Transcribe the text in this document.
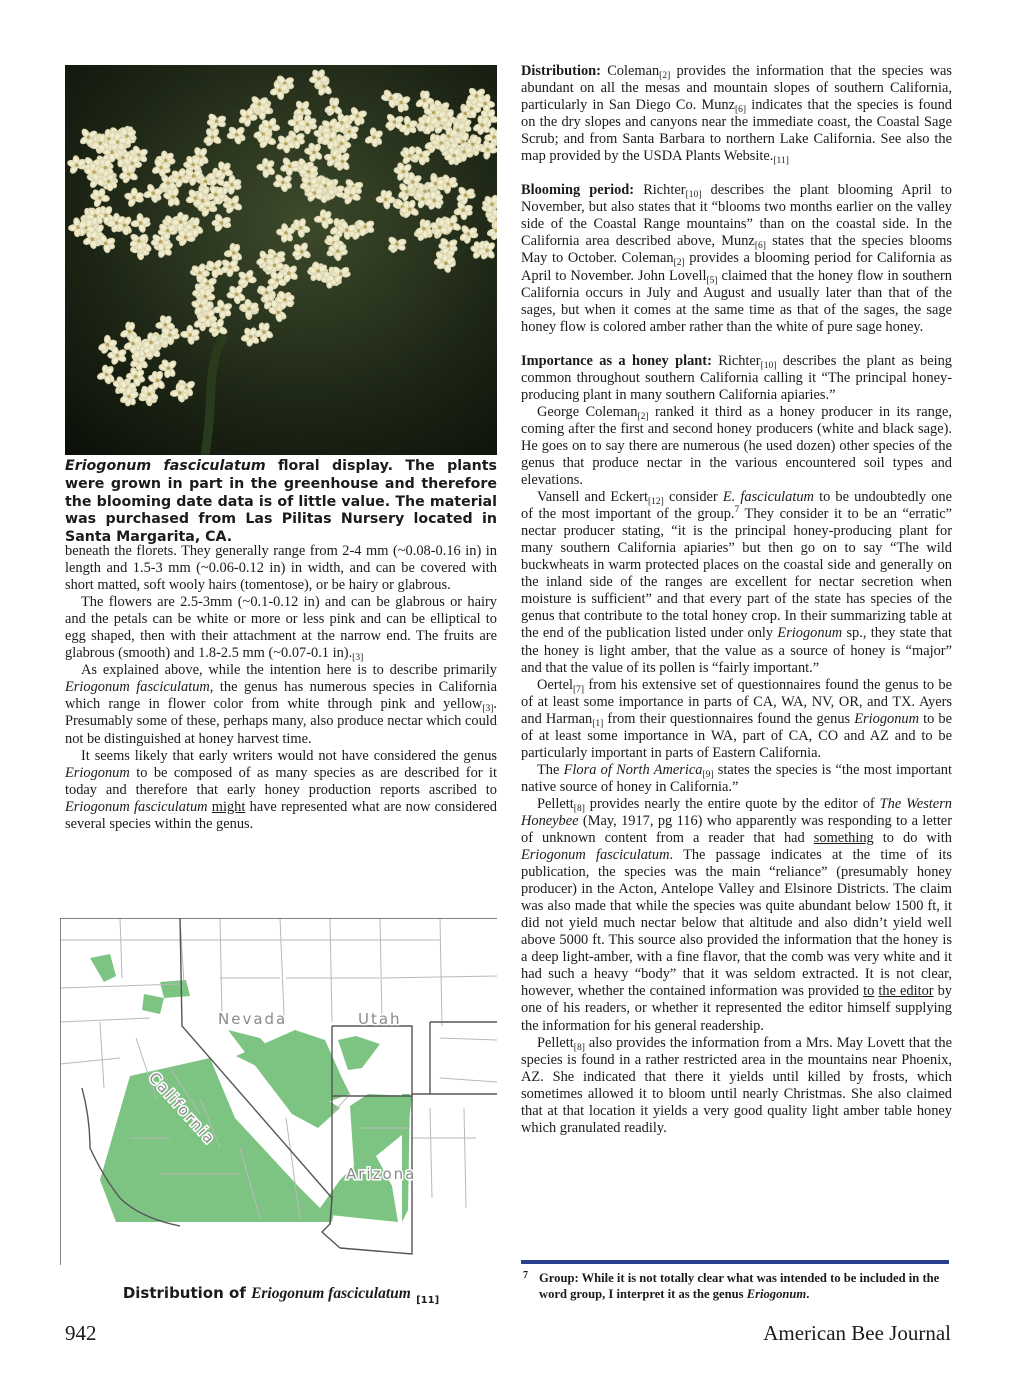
Eriogonum fasciculatum floral display. The plants were grown in part in the greenhouse and therefore the blooming date data is of little value. The material was purchased from Las Pilitas Nursery located in Santa Margarita, CA.

beneath the florets. They generally range from 2-4 mm (~0.08-0.16 in) in length and 1.5-3 mm (~0.06-0.12 in) in width, and can be covered with short matted, soft wooly hairs (tomentose), or be hairy or glabrous.

The flowers are 2.5-3mm (~0.1-0.12 in) and can be glabrous or hairy and the petals can be white or more or less pink and can be elliptical to egg shaped, then with their attachment at the narrow end. The fruits are glabrous (smooth) and 1.8-2.5 mm (~0.07-0.1 $in)._{[3]}$

As explained above, while the intention here is to describe primarily Eriogonum fasciculatum, the genus has numerous species in California which range in flower color from white through pink and yellow$_{[3]}$. Presumably some of these, perhaps many, also produce nectar which could not be distinguished at honey harvest time.

It seems likely that early writers would not have considered the genus Eriogonum to be composed of as many species as are described for it today and therefore that early honey production reports ascribed to Eriogonum fasciculatum might have represented what are now considered several species within the genus.

Nevada	Utah
California
Arizona
Distribution of Eriogonum fasciculatum $_{[11]}$

Distribution: Coleman$_{[2]}$ provides the information that the species was abundant on all the mesas and mountain slopes of southern California, particularly in San Diego Co. Munz$_{[6]}$ indicates that the species is found on the dry slopes and canyons near the immediate coast, the Coastal Sage Scrub; and from Santa Barbara to northern Lake California. See also the map provided by the USDA Plants $Website._{[11]}$

Blooming period: Richter$_{[10]}$ describes the plant blooming April to November, but also states that it “blooms two months earlier on the valley side of the Coastal Range mountains” than on the coastal side. In the California area described above, Munz$_{[6]}$ states that the species blooms May to October. Coleman$_{[2]}$ provides a blooming period for California as April to November. John Lovell$_{[5]}$ claimed that the honey flow in southern California occurs in July and August and usually later than that of the sages, but when it comes at the same time as that of the sages, the sage honey flow is colored amber rather than the white of pure sage honey.

Importance as a honey plant: Richter$_{[10]}$ describes the plant as being common throughout southern California calling it “The principal honey-producing plant in many southern California apiaries.”

George Coleman$_{[2]}$ ranked it third as a honey producer in its range, coming after the first and second honey producers (white and black sage). He goes on to say there are numerous (he used dozen) other species of the genus that produce nectar in the various encountered soil types and elevations.

Vansell and Eckert$_{[12]}$ consider E. fasciculatum to be undoubtedly one of the most important of the group.$^7$ They consider it to be an “erratic” nectar producer stating, “it is the principal honey-producing plant for many southern California apiaries” but then go on to say “The wild buckwheats in warm protected places on the coastal side and generally on the inland side of the ranges are excellent for nectar secretion when moisture is sufficient” and that every part of the state has species of the genus that contribute to the total honey crop. In their summarizing table at the end of the publication listed under only Eriogonum sp., they state that the honey is light amber, that the value as a source of honey is “major” and that the value of its pollen is “fairly important.”

Oertel$_{[7]}$ from his extensive set of questionnaires found the genus to be of at least some importance in parts of CA, WA, NV, OR, and TX. Ayers and Harman$_{[1]}$ from their questionnaires found the genus Eriogonum to be of at least some importance in WA, part of CA, CO and AZ and to be particularly important in parts of Eastern California.

The Flora of North America$_{[9]}$ states the species is “the most important native source of honey in California.”

Pellett$_{[8]}$ provides nearly the entire quote by the editor of The Western Honeybee (May, 1917, pg 116) who apparently was responding to a letter of unknown content from a reader that had something to do with Eriogonum fasciculatum. The passage indicates at the time of its publication, the species was the main “reliance” (presumably honey producer) in the Acton, Antelope Valley and Elsinore Districts. The claim was also made that while the species was quite abundant below 1500 ft, it did not yield much nectar below that altitude and also didn’t yield well above 5000 ft. This source also provided the information that the honey is a deep light-amber, with a fine flavor, that the comb was very white and it had such a heavy “body” that it was seldom extracted. It is not clear, however, whether the contained information was provided to the editor by one of his readers, or whether it represented the editor himself supplying the information for his general readership.

Pellett$_{[8]}$ also provides the information from a Mrs. May Lovett that the species is found in a rather restricted area in the mountains near Phoenix, AZ. She indicated that there it yields until killed by frosts, which sometimes allowed it to bloom until nearly Christmas. She also claimed that at that location it yields a very good quality light amber table honey which granulated readily.

7 Group: While it is not totally clear what was intended to be included in the word group, I interpret it as the genus Eriogonum.
942	American Bee Journal
